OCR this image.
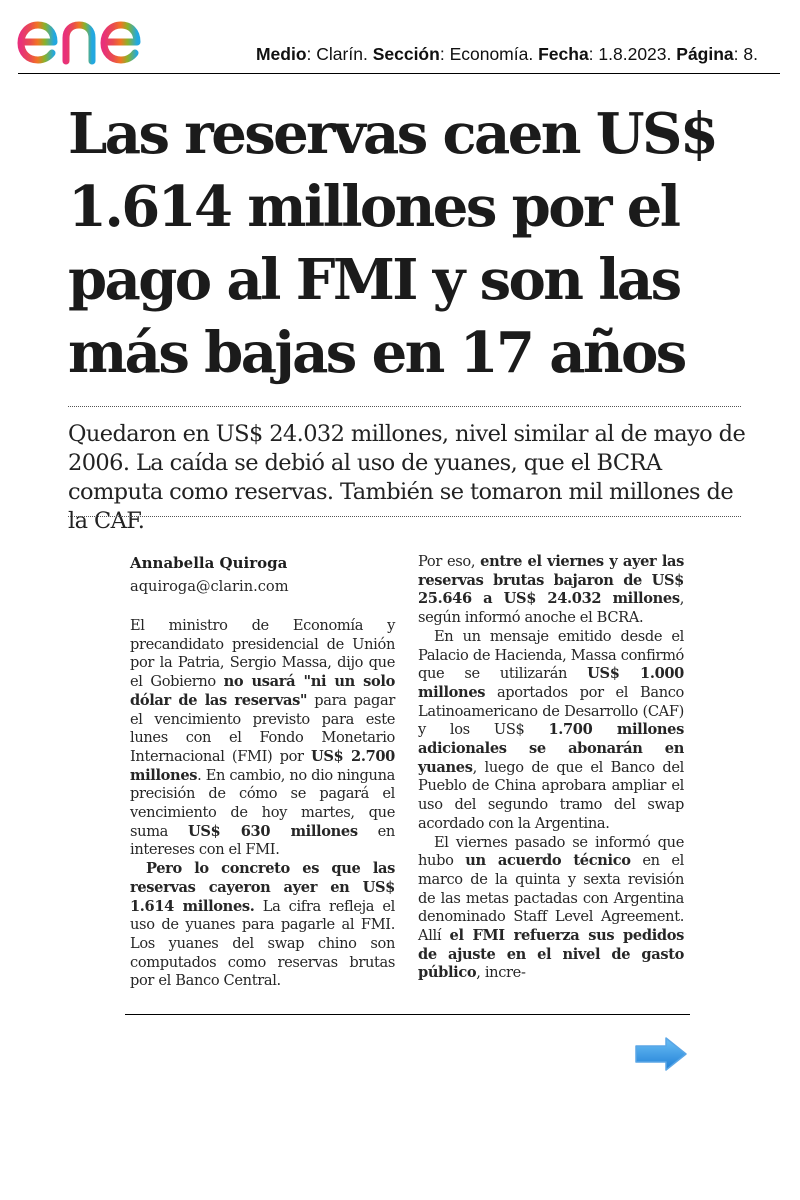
Medio: Clarín. Sección: Economía. Fecha: 1.8.2023. Página: 8.
Las reservas caen US$ 1.614 millones por el pago al FMI y son las más bajas en 17 años

Quedaron en US$ 24.032 millones, nivel similar al de mayo de 2006. La caída se debió al uso de yuanes, que el BCRA computa como reservas. También se tomaron mil millones de la CAF.

Annabella Quiroga
aquiroga@clarin.com

El ministro de Economía y precandidato presidencial de Unión por la Patria, Sergio Massa, dijo que el Gobierno no usará "ni un solo dólar de las reservas" para pagar el vencimiento previsto para este lunes con el Fondo Monetario Internacional (FMI) por US$ 2.700 millones. En cambio, no dio ninguna precisión de cómo se pagará el vencimiento de hoy martes, que suma US$ 630 millones en intereses con el FMI.

Pero lo concreto es que las reservas cayeron ayer en US$ 1.614 millones. La cifra refleja el uso de yuanes para pagarle al FMI. Los yuanes del swap chino son computados como reservas brutas por el Banco Central.

Por eso, entre el viernes y ayer las reservas brutas bajaron de US$ 25.646 a US$ 24.032 millones, según informó anoche el BCRA.

En un mensaje emitido desde el Palacio de Hacienda, Massa confirmó que se utilizarán US$ 1.000 millones aportados por el Banco Latinoamericano de Desarrollo (CAF) y los US$ 1.700 millones adicionales se abonarán en yuanes, luego de que el Banco del Pueblo de China aprobara ampliar el uso del segundo tramo del swap acordado con la Argentina.

El viernes pasado se informó que hubo un acuerdo técnico en el marco de la quinta y sexta revisión de las metas pactadas con Argentina denominado Staff Level Agreement. Allí el FMI refuerza sus pedidos de ajuste en el nivel de gasto público, incre-
